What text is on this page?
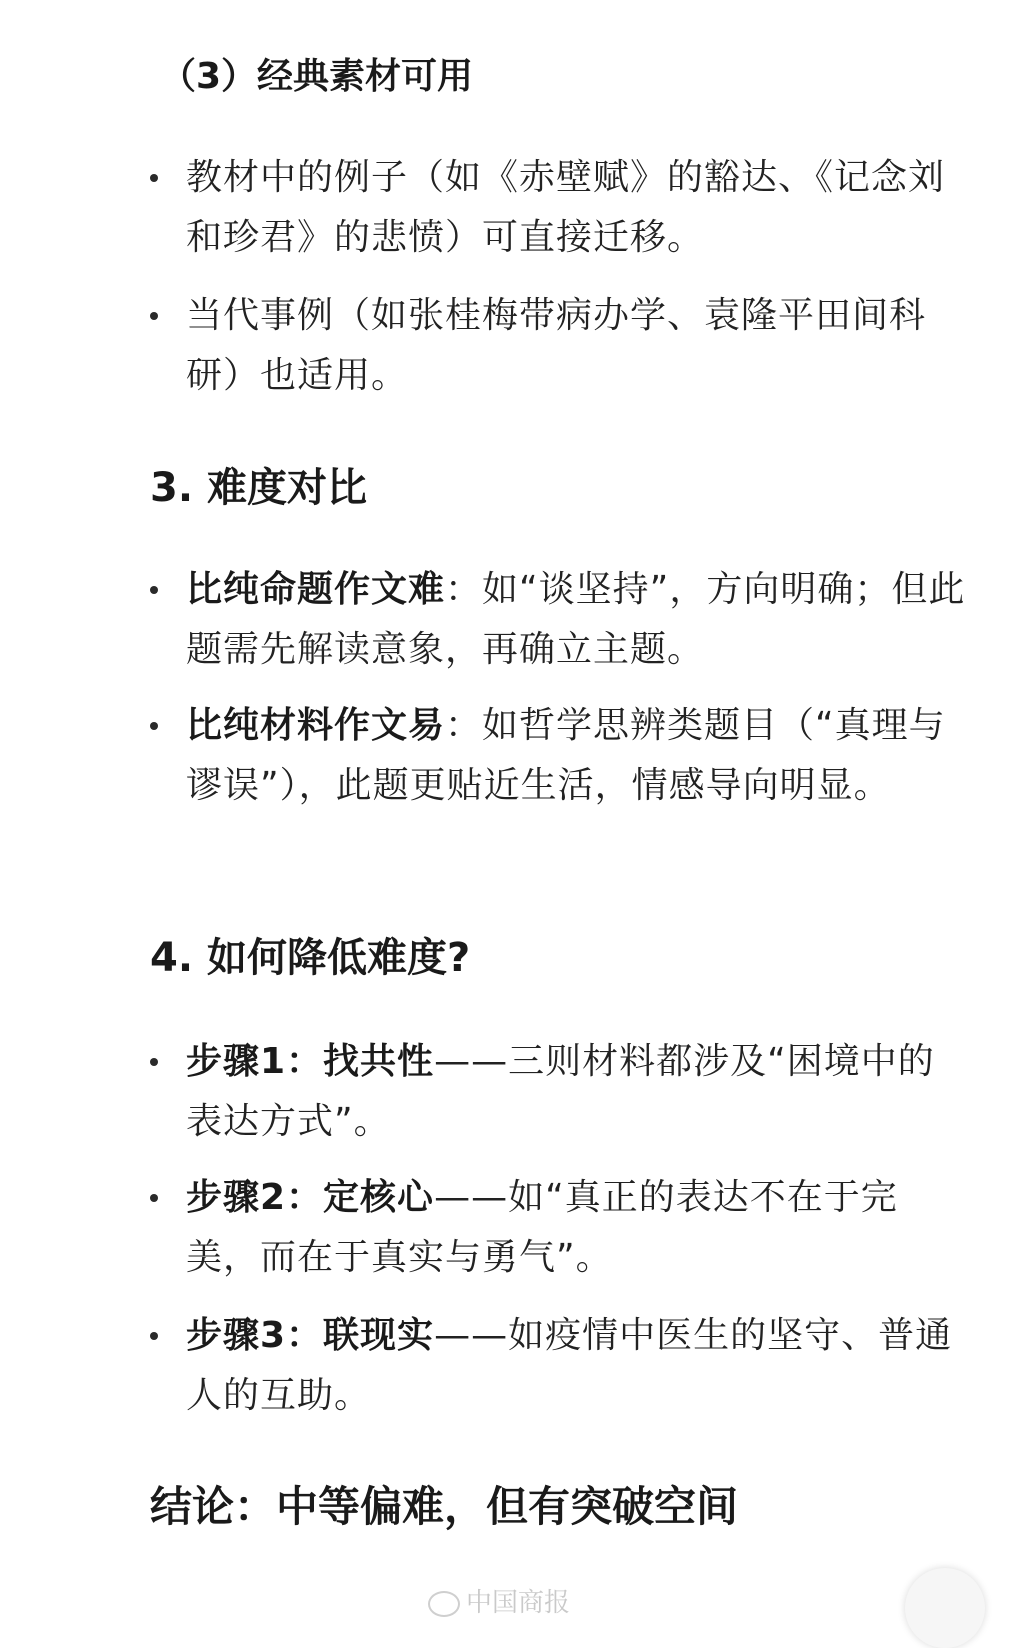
（3）经典素材可用
教材中的例子（如《赤壁赋》的豁达、《记念刘和珍君》的悲愤）可直接迁移。
当代事例（如张桂梅带病办学、袁隆平田间科研）也适用。
3. 难度对比
比纯命题作文难：如“谈坚持”，方向明确；但此题需先解读意象，再确立主题。
比纯材料作文易：如哲学思辨类题目（“真理与谬误”），此题更贴近生活，情感导向明显。
4. 如何降低难度?
步骤1：找共性——三则材料都涉及“困境中的表达方式”。
步骤2：定核心——如“真正的表达不在于完美，而在于真实与勇气”。
步骤3：联现实——如疫情中医生的坚守、普通人的互助。
结论：中等偏难，但有突破空间
中国商报
